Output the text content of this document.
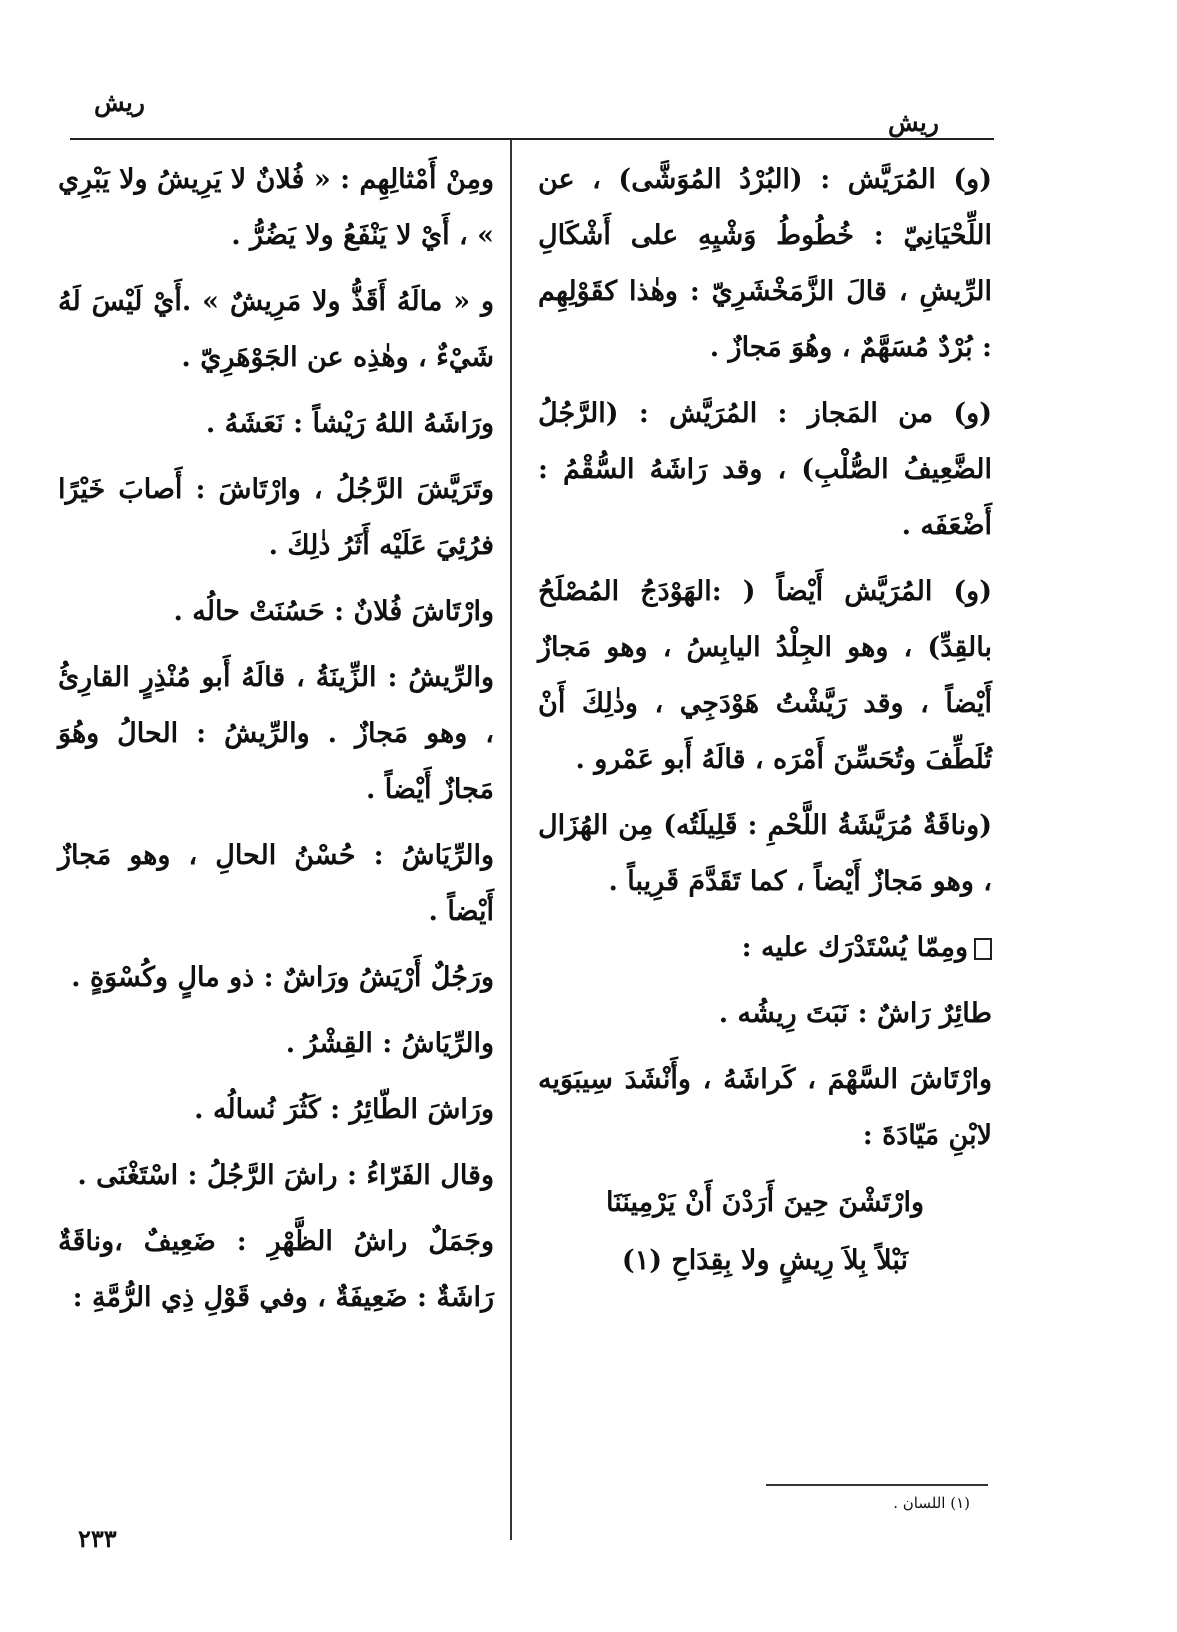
ريش
ريش

(و) المُرَيَّش : (البُرْدُ المُوَشَّى) ، عن اللِّحْيَانِيّ : خُطُوطُ وَشْيِهِ على أَشْكَالِ الرِّيشِ ، قالَ الزَّمَخْشَرِيّ : وهٰذا كقَوْلِهِم : بُرْدٌ مُسَهَّمٌ ، وهُوَ مَجازٌ .

(و) من المَجاز : المُرَيَّش : (الرَّجُلُ الضَّعِيفُ الصُّلْبِ) ، وقد رَاشَهُ السُّقْمُ : أَضْعَفَه .

(و) المُرَيَّش أَيْضاً ( :الهَوْدَجُ المُصْلَحُ بالقِدِّ) ، وهو الجِلْدُ اليابِسُ ، وهو مَجازٌ أَيْضاً ، وقد رَيَّشْتُ هَوْدَجِي ، وذٰلِكَ أَنْ تُلَطِّفَ وتُحَسِّنَ أَمْرَه ، قالَهُ أَبو عَمْرو .

(وناقَةٌ مُرَيَّشَةُ اللَّحْمِ : قَلِيلَتُه) مِن الهُزَال ، وهو مَجازٌ أَيْضاً ، كما تَقَدَّمَ قَرِيباً .

ومِمّا يُسْتَدْرَك عليه :

طائِرٌ رَاشٌ : نَبَتَ رِيشُه .

وارْتَاشَ السَّهْمَ ، كَراشَهُ ، وأَنْشَدَ سِيبَوَيه لابْنِ مَيّادَةَ :

وارْتَشْنَ حِينَ أَرَدْنَ أَنْ يَرْمِينَنَا
نَبْلاً بِلاَ رِيشٍ ولا بِقِدَاحِ (١)

ومِنْ أَمْثالِهِم : « فُلانٌ لا يَرِيشُ ولا يَبْرِي » ، أَيْ لا يَنْفَعُ ولا يَضُرُّ .

و « مالَهُ أَقَذُّ ولا مَرِيشٌ » .أَيْ لَيْسَ لَهُ شَيْءٌ ، وهٰذِه عن الجَوْهَرِيّ .

ورَاشَهُ اللهُ رَيْشاً : نَعَشَهُ .

وتَرَيَّشَ الرَّجُلُ ، وارْتَاشَ : أَصابَ خَيْرًا فرُئِيَ عَلَيْه أَثَرُ ذٰلِكَ .

وارْتَاشَ فُلانٌ : حَسُنَتْ حالُه .

والرِّيشُ : الزِّينَةُ ، قالَهُ أَبو مُنْذِرٍ القارِئُ ، وهو مَجازٌ . والرِّيشُ : الحالُ وهُوَ مَجازٌ أَيْضاً .

والرِّيَاشُ : حُسْنُ الحالِ ، وهو مَجازٌ أَيْضاً .

ورَجُلٌ أَرْيَشُ ورَاشٌ : ذو مالٍ وكُسْوَةٍ .

والرِّيَاشُ : القِشْرُ .

ورَاشَ الطّائِرُ : كَثُرَ نُسالُه .

وقال الفَرّاءُ : راشَ الرَّجُلُ : اسْتَغْنَى .

وجَمَلٌ راشُ الظَّهْرِ : ضَعِيفٌ ،وناقَةٌ رَاشَةٌ : ضَعِيفَةٌ ، وفي قَوْلِ ذِي الرُّمَّةِ :

(١) اللسان .
٢٣٣
